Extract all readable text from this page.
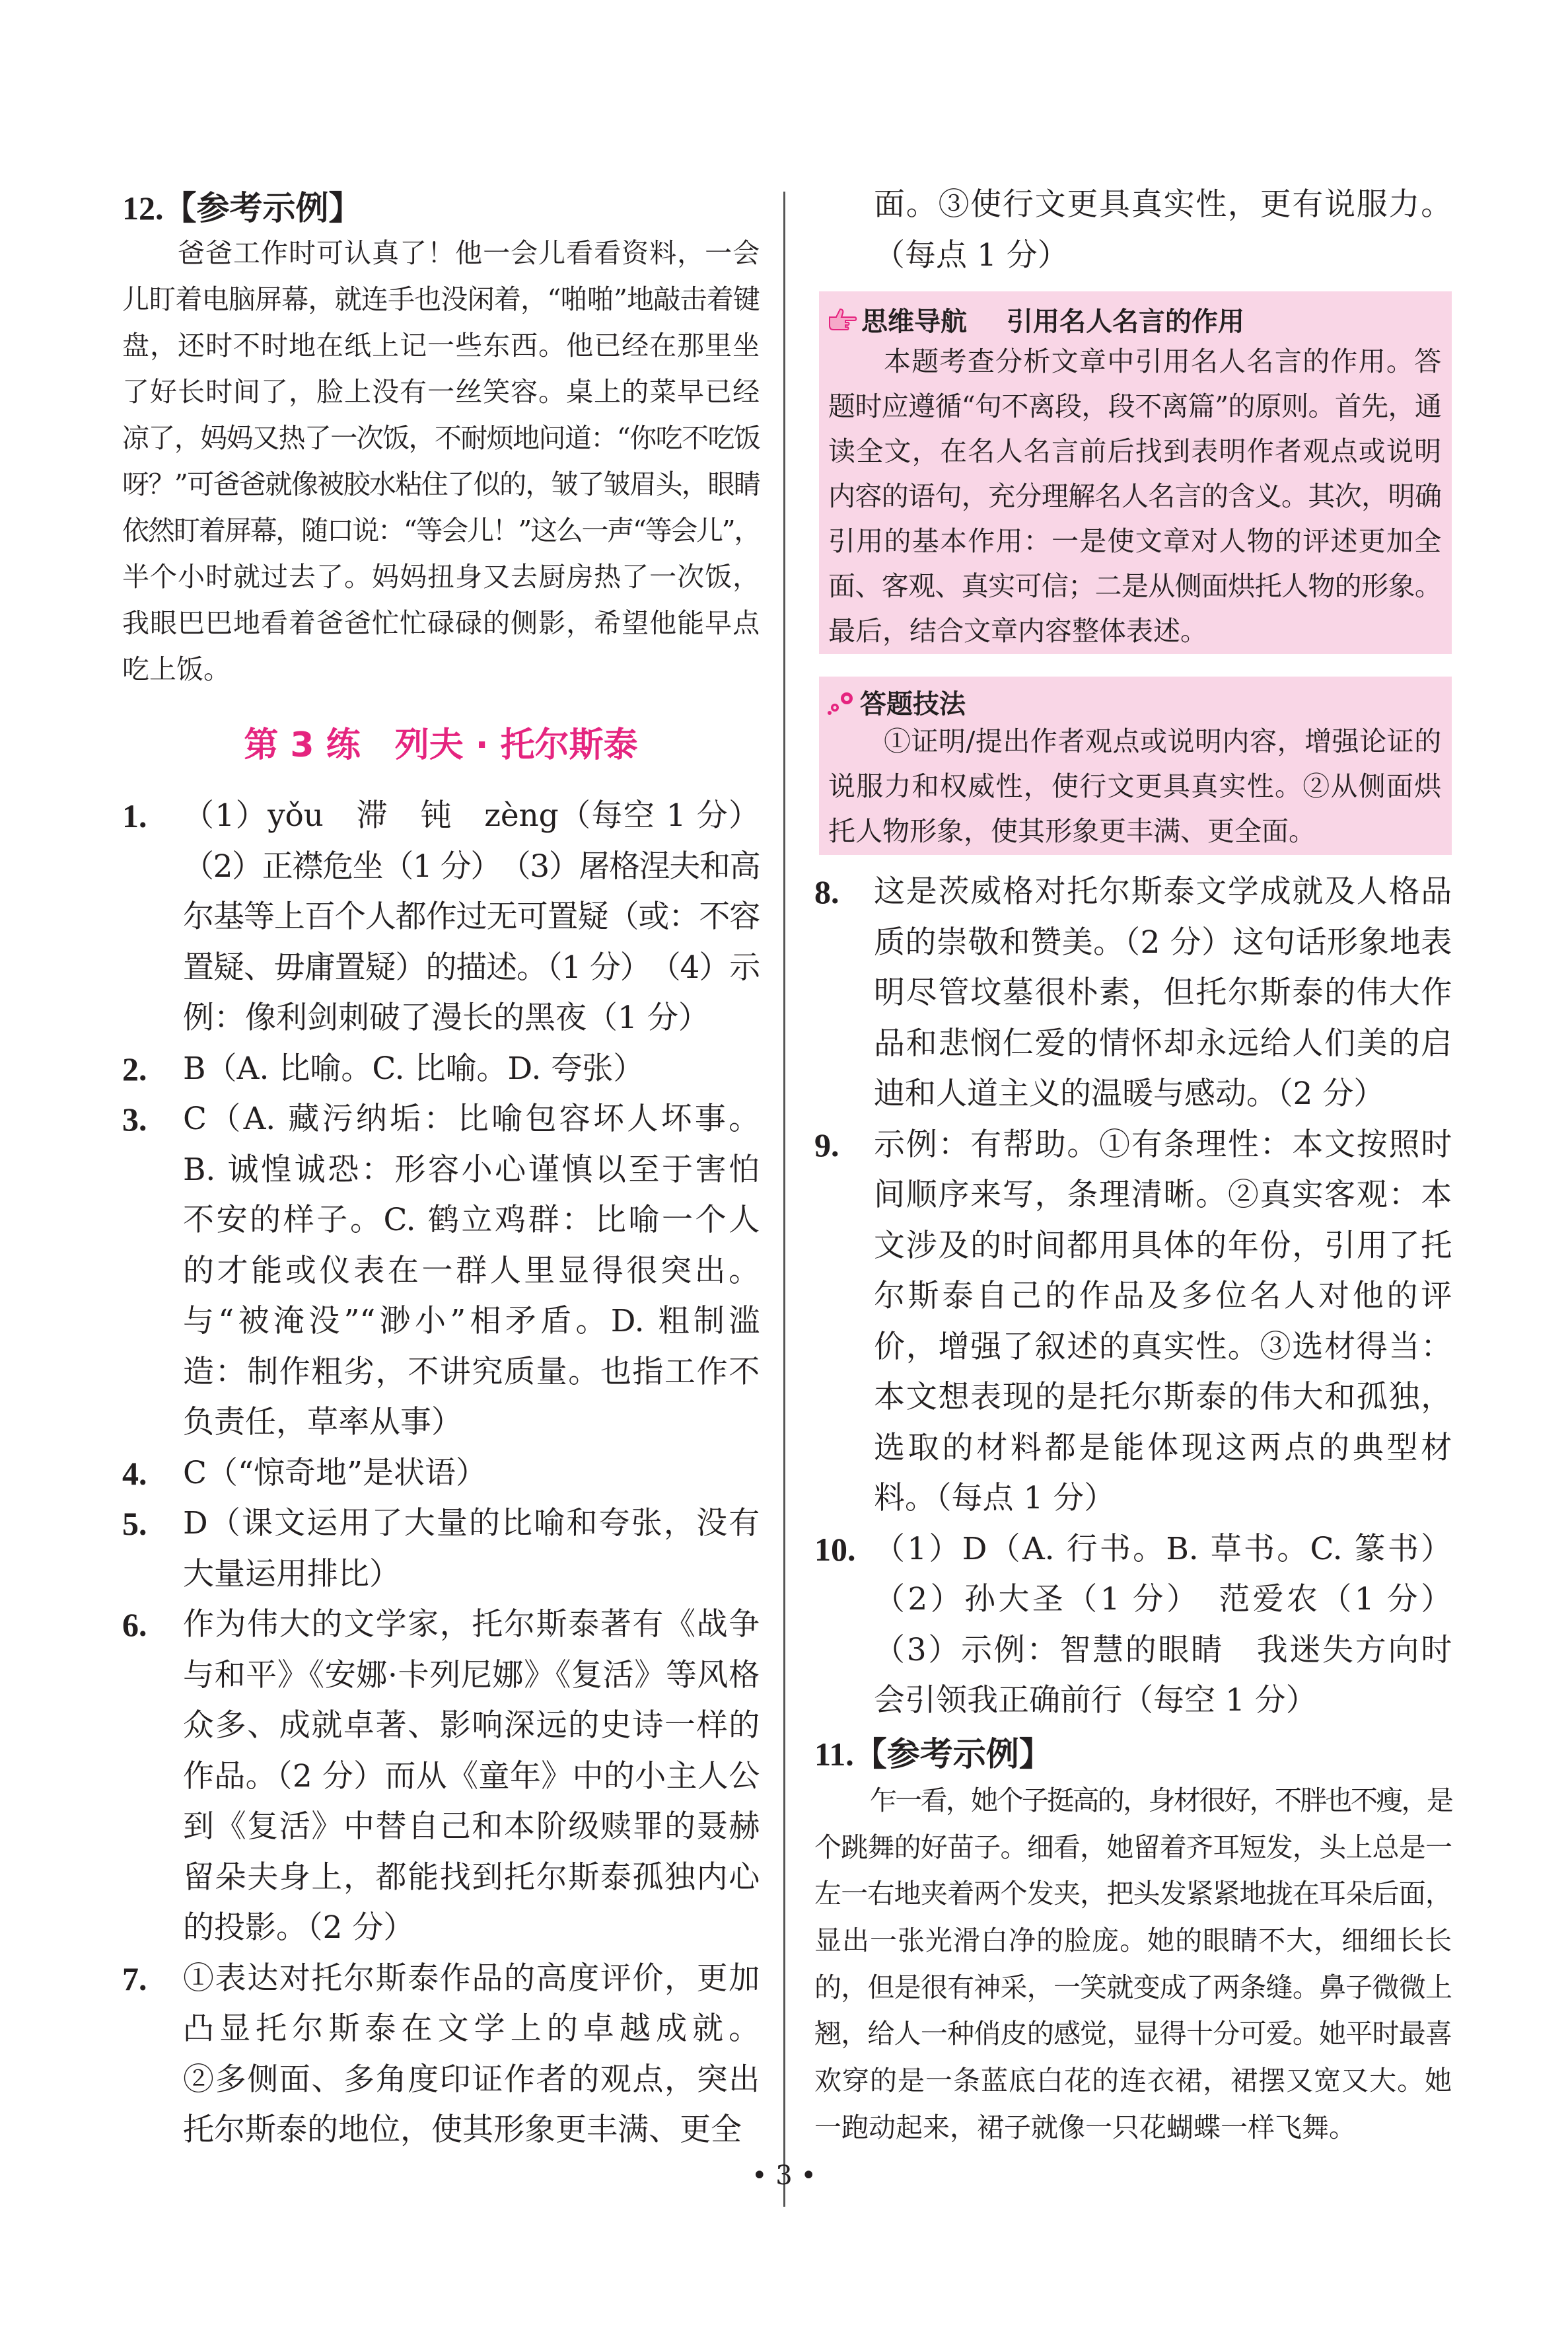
12.【参考示例】
爸爸工作时可认真了！他一会儿看看资料，一会
儿盯着电脑屏幕，就连手也没闲着，“啪啪”地敲击着键
盘，还时不时地在纸上记一些东西。他已经在那里坐
了好长时间了，脸上没有一丝笑容。桌上的菜早已经
凉了，妈妈又热了一次饭，不耐烦地问道：“你吃不吃饭
呀？”可爸爸就像被胶水粘住了似的，皱了皱眉头，眼睛
依然盯着屏幕，随口说：“等会儿！”这么一声“等会儿”，
半个小时就过去了。妈妈扭身又去厨房热了一次饭，
我眼巴巴地看着爸爸忙忙碌碌的侧影，希望他能早点
吃上饭。
第 3 练　列夫 · 托尔斯泰
1. （1）yǒu　滞　钝　zèng（每空 1 分）
（2）正襟危坐（1 分）　（3）屠格涅夫和高
尔基等上百个人都作过无可置疑（或：不容
置疑、毋庸置疑）的描述。（1 分）　（4）示
例：像利剑刺破了漫长的黑夜（1 分）
2. B（A. 比喻。C. 比喻。D. 夸张）
3. C（A. 藏污纳垢：比喻包容坏人坏事。
B. 诚惶诚恐：形容小心谨慎以至于害怕
不安的样子。C. 鹤立鸡群：比喻一个人
的才能或仪表在一群人里显得很突出。
与“被淹没”“渺小”相矛盾。D. 粗制滥
造：制作粗劣，不讲究质量。也指工作不
负责任，草率从事）
4. C（“惊奇地”是状语）
5. D（课文运用了大量的比喻和夸张，没有
大量运用排比）
6. 作为伟大的文学家，托尔斯泰著有《战争
与和平》《安娜·卡列尼娜》《复活》等风格
众多、成就卓著、影响深远的史诗一样的
作品。（2 分）而从《童年》中的小主人公
到《复活》中替自己和本阶级赎罪的聂赫
留朵夫身上，都能找到托尔斯泰孤独内心
的投影。（2 分）
7. ①表达对托尔斯泰作品的高度评价，更加
凸显托尔斯泰在文学上的卓越成就。
②多侧面、多角度印证作者的观点，突出
托尔斯泰的地位，使其形象更丰满、更全
面。③使行文更具真实性，更有说服力。
（每点 1 分）
思维导航 引用名人名言的作用
本题考查分析文章中引用名人名言的作用。答
题时应遵循“句不离段，段不离篇”的原则。首先，通
读全文，在名人名言前后找到表明作者观点或说明
内容的语句，充分理解名人名言的含义。其次，明确
引用的基本作用：一是使文章对人物的评述更加全
面、客观、真实可信；二是从侧面烘托人物的形象。
最后，结合文章内容整体表述。
答题技法
①证明/提出作者观点或说明内容，增强论证的
说服力和权威性，使行文更具真实性。②从侧面烘
托人物形象，使其形象更丰满、更全面。
8. 这是茨威格对托尔斯泰文学成就及人格品
质的崇敬和赞美。（2 分）这句话形象地表
明尽管坟墓很朴素，但托尔斯泰的伟大作
品和悲悯仁爱的情怀却永远给人们美的启
迪和人道主义的温暖与感动。（2 分）
9. 示例：有帮助。①有条理性：本文按照时
间顺序来写，条理清晰。②真实客观：本
文涉及的时间都用具体的年份，引用了托
尔斯泰自己的作品及多位名人对他的评
价，增强了叙述的真实性。③选材得当：
本文想表现的是托尔斯泰的伟大和孤独，
选取的材料都是能体现这两点的典型材
料。（每点 1 分）
10. （1）D（A. 行书。B. 草书。C. 篆书）
（2）孙大圣（1 分）　范爱农（1 分）
（3）示例：智慧的眼睛　我迷失方向时
会引领我正确前行（每空 1 分）
11.【参考示例】
乍一看，她个子挺高的，身材很好，不胖也不瘦，是
个跳舞的好苗子。细看，她留着齐耳短发，头上总是一
左一右地夹着两个发夹，把头发紧紧地拢在耳朵后面，
显出一张光滑白净的脸庞。她的眼睛不大，细细长长
的，但是很有神采，一笑就变成了两条缝。鼻子微微上
翘，给人一种俏皮的感觉，显得十分可爱。她平时最喜
欢穿的是一条蓝底白花的连衣裙，裙摆又宽又大。她
一跑动起来，裙子就像一只花蝴蝶一样飞舞。
• 3 •
